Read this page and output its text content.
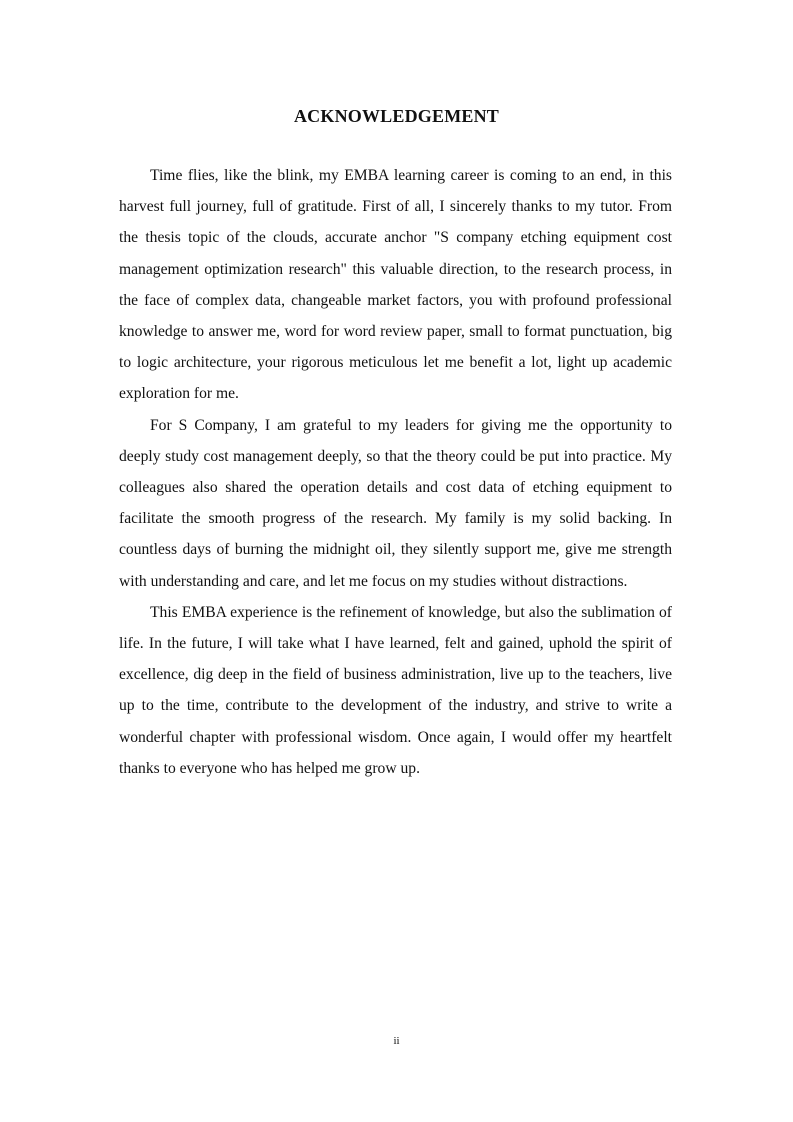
ACKNOWLEDGEMENT

Time flies, like the blink, my EMBA learning career is coming to an end, in this harvest full journey, full of gratitude. First of all, I sincerely thanks to my tutor. From the thesis topic of the clouds, accurate anchor "S company etching equipment cost management optimization research" this valuable direction, to the research process, in the face of complex data, changeable market factors, you with profound professional knowledge to answer me, word for word review paper, small to format punctuation, big to logic architecture, your rigorous meticulous let me benefit a lot, light up academic exploration for me.

For S Company, I am grateful to my leaders for giving me the opportunity to deeply study cost management deeply, so that the theory could be put into practice. My colleagues also shared the operation details and cost data of etching equipment to facilitate the smooth progress of the research. My family is my solid backing. In countless days of burning the midnight oil, they silently support me, give me strength with understanding and care, and let me focus on my studies without distractions.

This EMBA experience is the refinement of knowledge, but also the sublimation of life. In the future, I will take what I have learned, felt and gained, uphold the spirit of excellence, dig deep in the field of business administration, live up to the teachers, live up to the time, contribute to the development of the industry, and strive to write a wonderful chapter with professional wisdom. Once again, I would offer my heartfelt thanks to everyone who has helped me grow up.

ii
